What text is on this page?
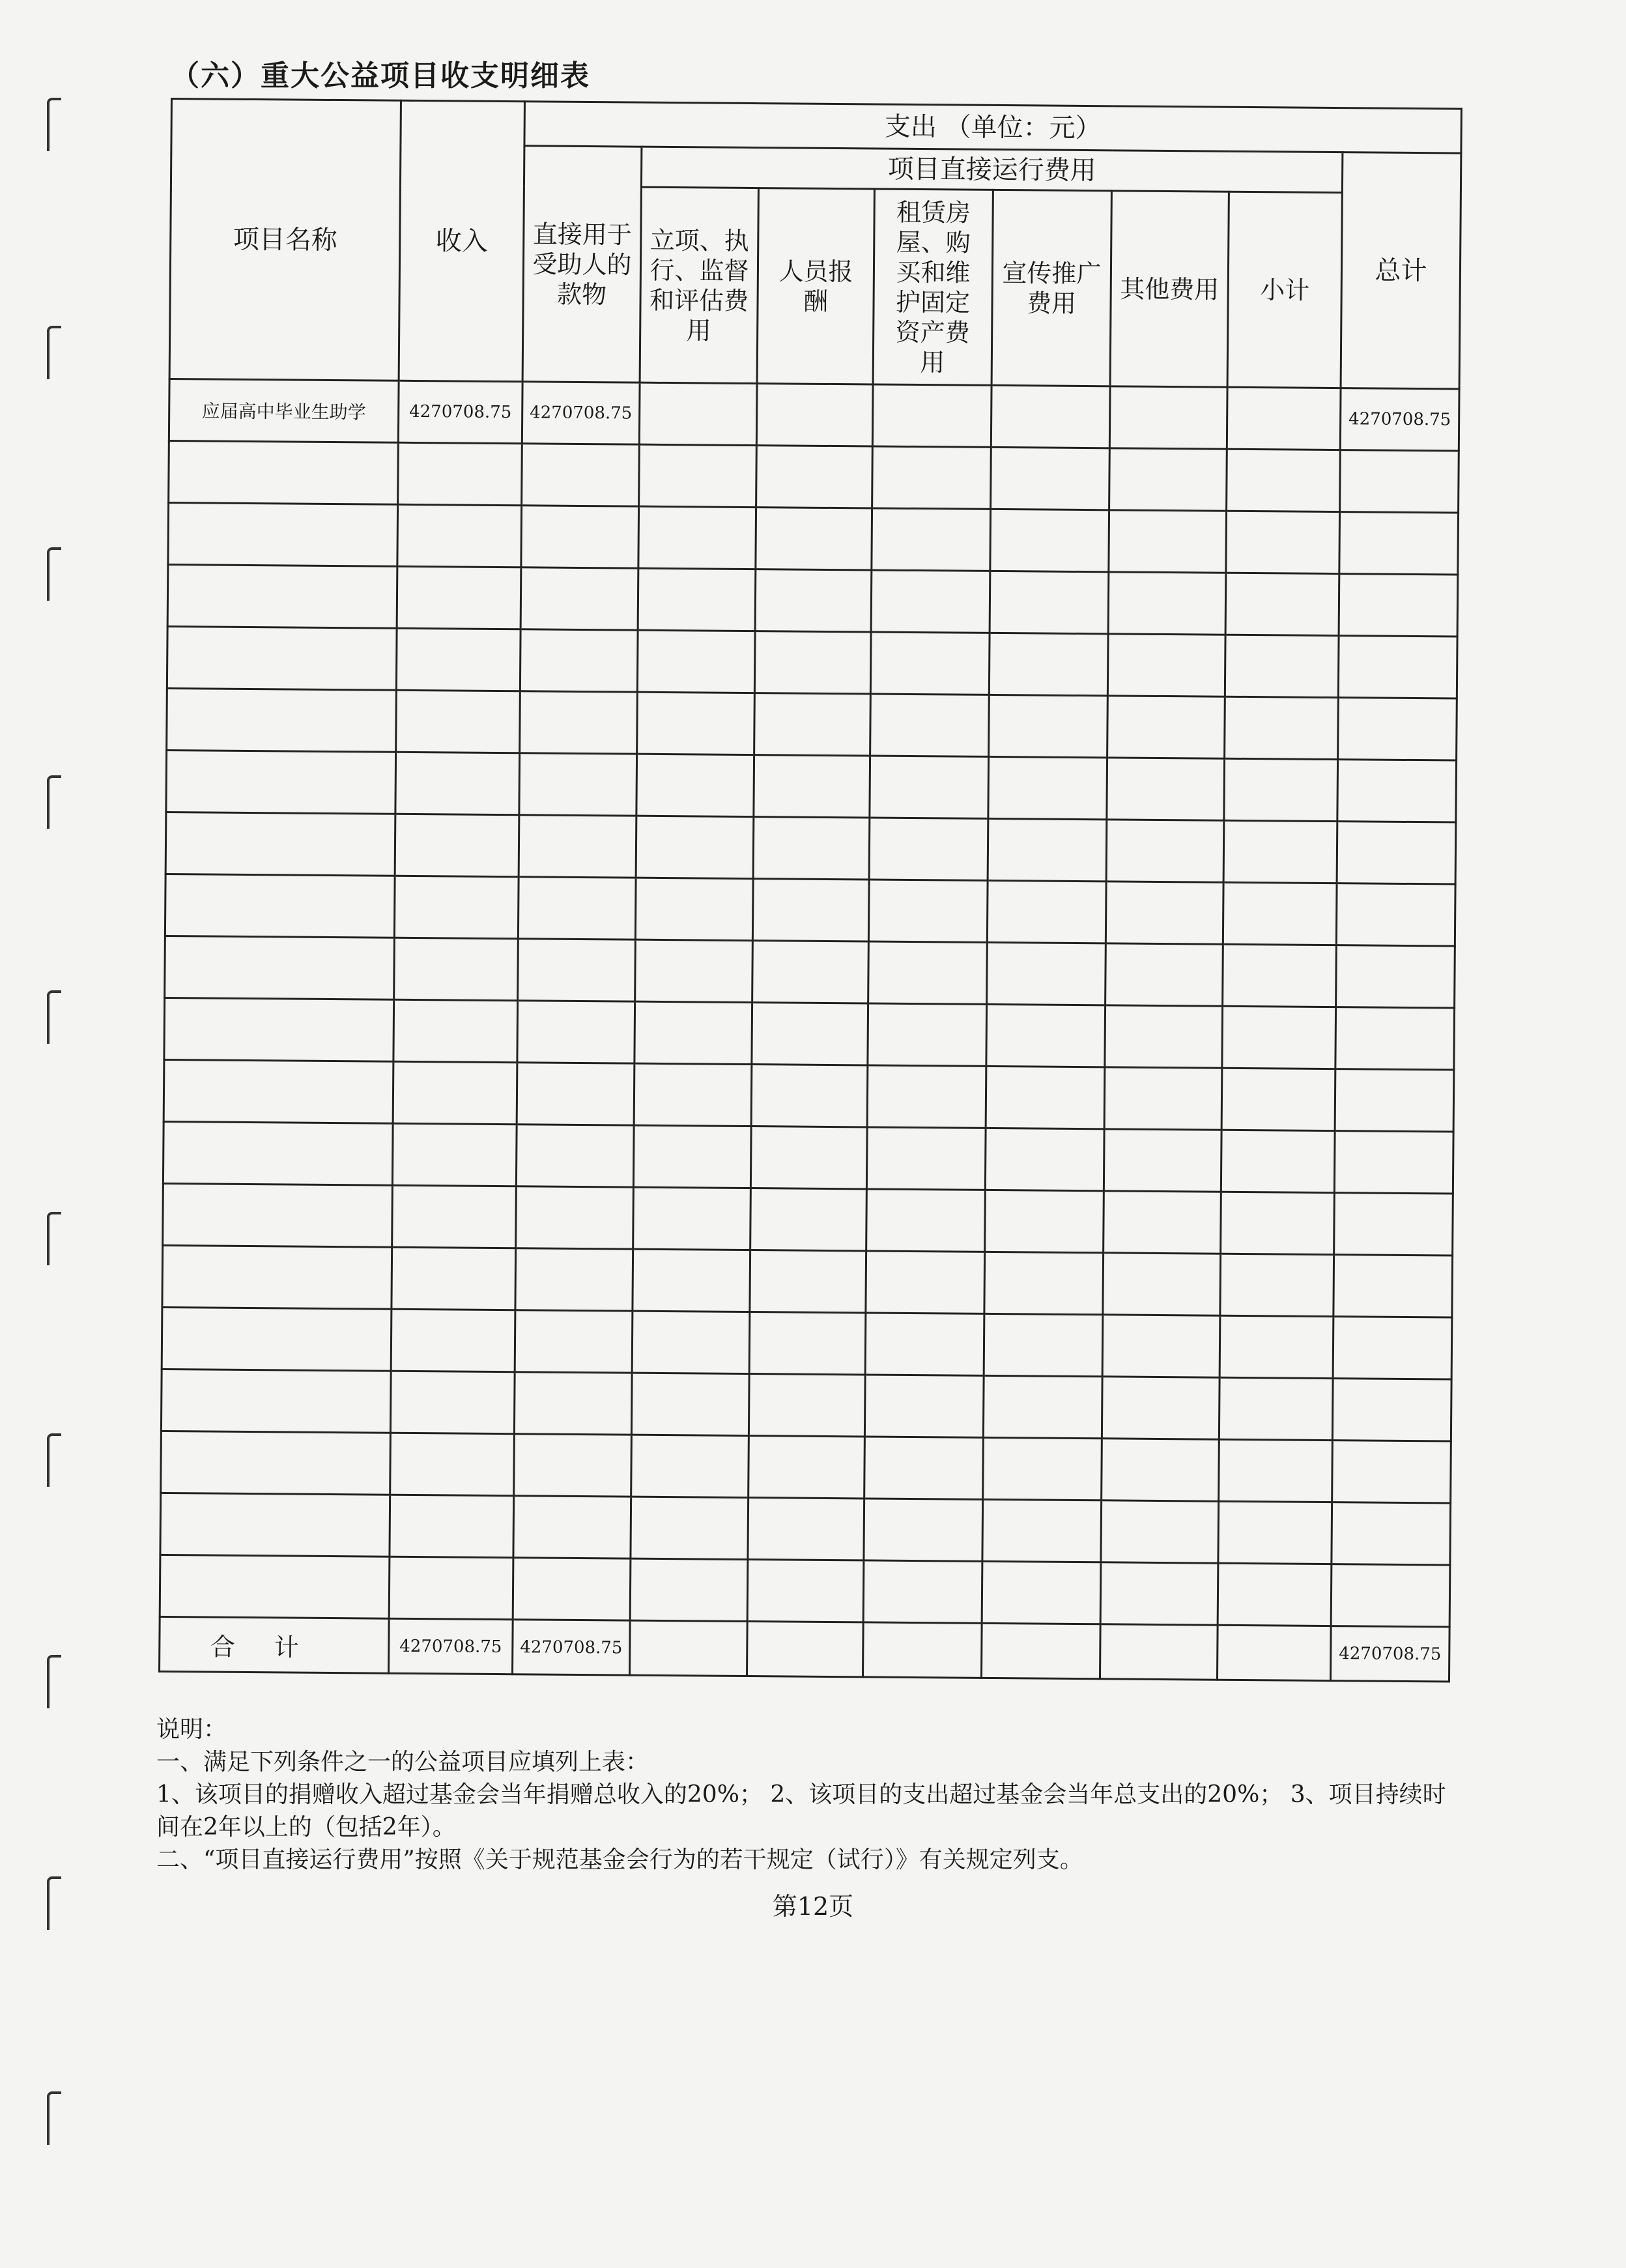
（六）重大公益项目收支明细表
项目名称	收入	支出 （单位：元）							

		直接用于受助人的款物	项目直接运行费用						总计

			立项、执行、监督和评估费用	人员报酬	租赁房屋、购买和维护固定资产费用	宣传推广费用	其他费用	小计	
应届高中毕业生助学	4270708.75	4270708.75							4270708.75

合计	4270708.75	4270708.75							4270708.75

说明：

一、满足下列条件之一的公益项目应填列上表：

1、该项目的捐赠收入超过基金会当年捐赠总收入的20%； 2、该项目的支出超过基金会当年总支出的20%； 3、项目持续时间在2年以上的（包括2年）。

二、“项目直接运行费用”按照《关于规范基金会行为的若干规定（试行）》有关规定列支。

第12页
